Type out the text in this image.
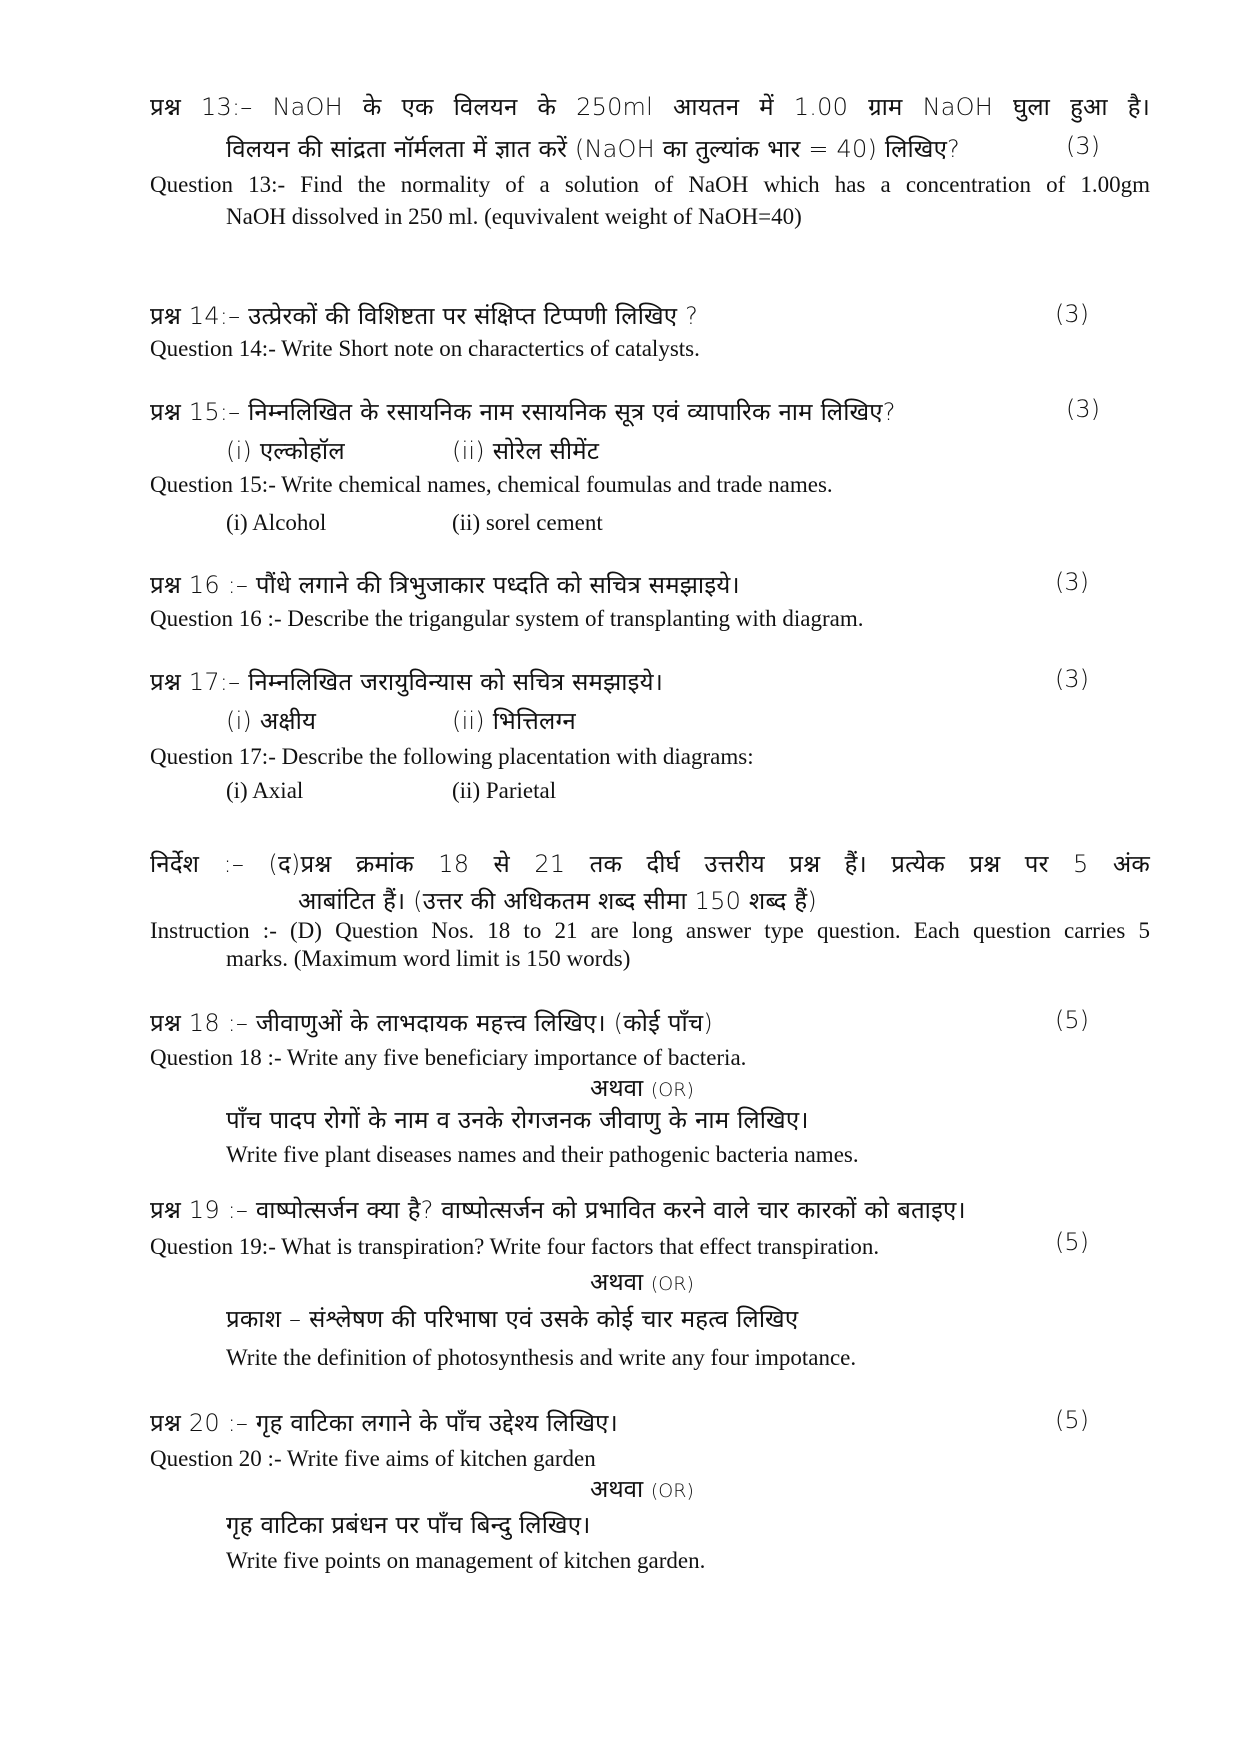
प्रश्न 13:– NaOH के एक विलयन के 250ml आयतन में 1.00 ग्राम NaOH घुला हुआ है।
विलयन की सांद्रता नॉर्मलता में ज्ञात करें (NaOH का तुल्यांक भार = 40) लिखिए?	(3)
Question 13:- Find the normality of a solution of NaOH which has a concentration of 1.00gm
NaOH dissolved in 250 ml. (equvivalent weight of NaOH=40)
प्रश्न 14:– उत्प्रेरकों की विशिष्टता पर संक्षिप्त टिप्पणी लिखिए ?	(3)
Question 14:- Write Short note on charactertics of catalysts.
प्रश्न 15:– निम्नलिखित के रसायनिक नाम रसायनिक सूत्र एवं व्यापारिक नाम लिखिए?	(3)
(i) एल्कोहॉल	(ii) सोरेल सीमेंट
Question 15:- Write chemical names, chemical foumulas and trade names.
(i) Alcohol	(ii) sorel cement
प्रश्न 16 :– पौंधे लगाने की त्रिभुजाकार पध्दति को सचित्र समझाइये।	(3)
Question 16 :- Describe the trigangular system of transplanting with diagram.
प्रश्न 17:– निम्नलिखित जरायुविन्यास को सचित्र समझाइये।	(3)
(i) अक्षीय	(ii) भित्तिलग्न
Question 17:- Describe the following placentation with diagrams:
(i) Axial	(ii) Parietal
निर्देश :– (द)प्रश्न क्रमांक 18 से 21 तक दीर्घ उत्तरीय प्रश्न हैं। प्रत्येक प्रश्न पर 5 अंक
आबांटित हैं। (उत्तर की अधिकतम शब्द सीमा 150 शब्द हैं)
Instruction :- (D) Question Nos. 18 to 21 are long answer type question. Each question carries 5
marks. (Maximum word limit is 150 words)
प्रश्न 18 :– जीवाणुओं के लाभदायक महत्त्व लिखिए। (कोई पाँच)	(5)
Question 18 :- Write any five beneficiary importance of bacteria.
अथवा (OR)
पाँच पादप रोगों के नाम व उनके रोगजनक जीवाणु के नाम लिखिए।
Write five plant diseases names and their pathogenic bacteria names.
प्रश्न 19 :– वाष्पोत्सर्जन क्या है? वाष्पोत्सर्जन को प्रभावित करने वाले चार कारकों को बताइए।
Question 19:- What is transpiration? Write four factors that effect transpiration.	(5)
अथवा (OR)
प्रकाश – संश्लेषण की परिभाषा एवं उसके कोई चार महत्व लिखिए
Write the definition of photosynthesis and write any four impotance.
प्रश्न 20 :– गृह वाटिका लगाने के पाँच उद्देश्य लिखिए।	(5)
Question 20 :- Write five aims of kitchen garden
अथवा (OR)
गृह वाटिका प्रबंधन पर पाँच बिन्दु लिखिए।
Write five points on management of kitchen garden.
